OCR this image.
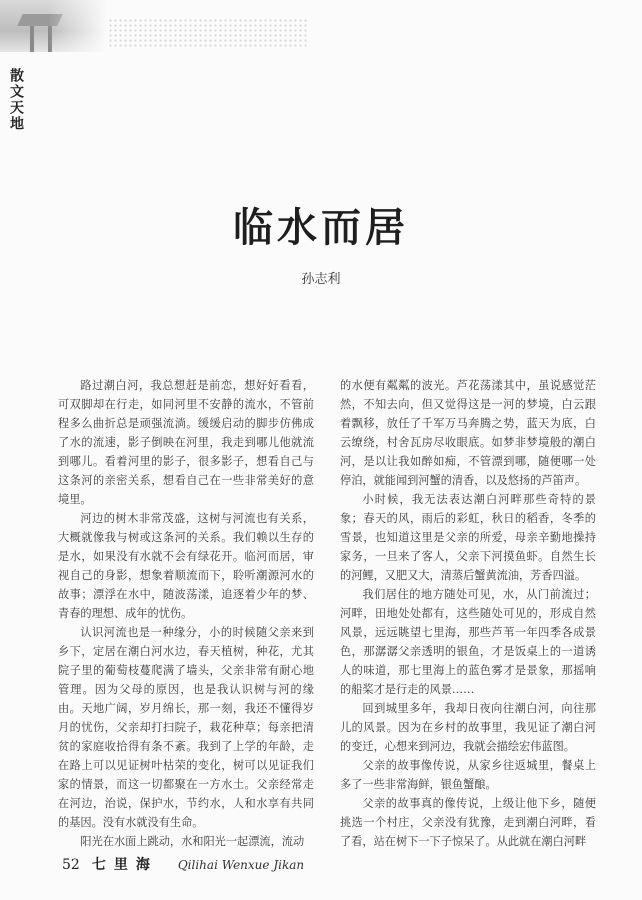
散文天地
临水而居
孙志利

路过潮白河，我总想赶是前恋，想好好看看，可双脚却在行走，如同河里不安静的流水，不管前程多么曲折总是顽强流淌。缓缓启动的脚步仿佛成了水的流速，影子倒映在河里，我走到哪儿他就流到哪儿。看着河里的影子，很多影子，想看自己与这条河的亲密关系，想看自己在一些非常美好的意境里。

河边的树木非常茂盛，这树与河流也有关系，大概就像我与树或这条河的关系。我们赖以生存的是水，如果没有水就不会有绿花开。临河而居，审视自己的身影，想象着顺流而下，聆听潮源河水的故事；漂浮在水中，随波荡漾，追逐着少年的梦、青春的理想、成年的忧伤。

认识河流也是一种缘分，小的时候随父亲来到乡下，定居在潮白河水边，春天植树，种花，尤其院子里的葡萄枝蔓爬满了墙头，父亲非常有耐心地管理。因为父母的原因，也是我认识树与河的缘由。天地广阔，岁月绵长，那一刻，我还不懂得岁月的忧伤，父亲却打扫院子，栽花种草；每亲把清贫的家庭收拾得有条不紊。我到了上学的年龄，走在路上可以见证树叶枯荣的变化，树可以见证我们家的情景，而这一切都聚在一方水土。父亲经常走在河边，治说，保护水，节约水，人和水享有共同的基因。没有水就没有生命。

阳光在水面上跳动，水和阳光一起漂流，流动

的水便有粼粼的波光。芦花荡漾其中，虽说感觉茫然，不知去向，但又觉得这是一河的梦境，白云跟着飘移，放任了千军万马奔腾之势，蓝天为底，白云缭绕，村舍瓦房尽收眼底。如梦非梦境般的潮白河，是以让我如醉如痴，不管漂到哪，随便哪一处停泊，就能闻到河蟹的清香，以及悠扬的芦笛声。

小时候，我无法表达潮白河畔那些奇特的景象；春天的风，雨后的彩虹，秋日的稻香，冬季的雪景，也知道这里是父亲的所爱，母亲辛勤地操持家务，一旦来了客人，父亲下河摸鱼虾。自然生长的河鲤，又肥又大，清蒸后蟹黄流油，芳香四溢。

我们居住的地方随处可见，水，从门前流过；河畔，田地处处都有，这些随处可见的，形成自然风景，远远眺望七里海，那些芦苇一年四季各成景色，那潺潺父亲透明的银鱼，才是饭桌上的一道诱人的味道，那七里海上的蓝色雾才是景象，那摇响的船桨才是行走的风景……

回到城里多年，我却日夜向往潮白河，向往那儿的风景。因为在乡村的故事里，我见证了潮白河的变迁，心想来到河边，我就会描绘宏伟蓝图。

父亲的故事像传说，从家乡往返城里，餐桌上多了一些非常海鲜，银鱼蟹酿。

父亲的故事真的像传说，上级让他下乡，随便挑选一个村庄，父亲没有犹豫，走到潮白河畔，看了看，站在树下一下子惊呆了。从此就在潮白河畔

52 七里海 Qilihai Wenxue Jikan
